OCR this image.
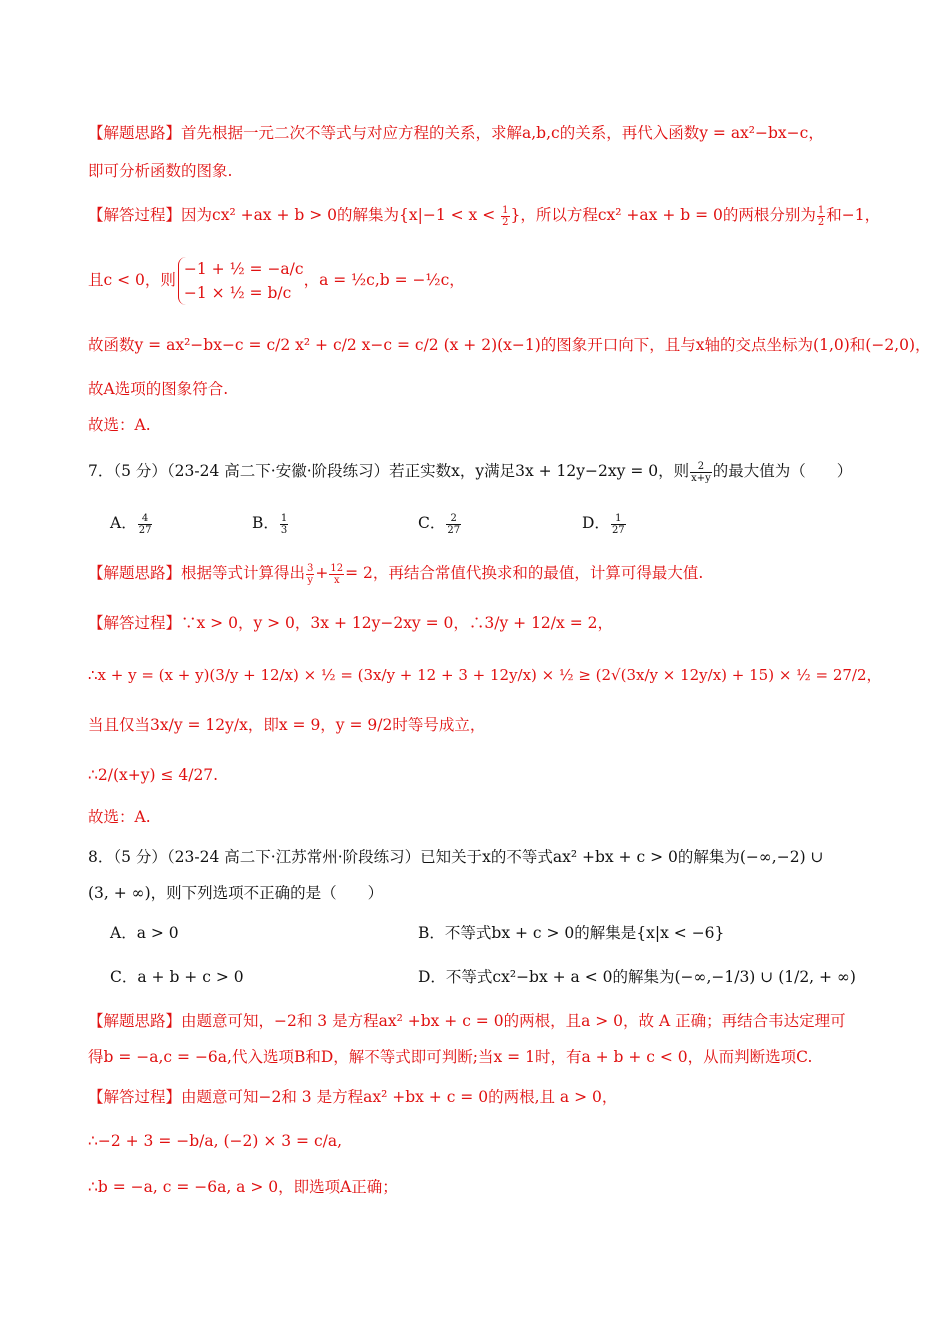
【解题思路】首先根据一元二次不等式与对应方程的关系，求解a,b,c的关系，再代入函数y = ax²−bx−c，
即可分析函数的图象.
【解答过程】因为cx² +ax + b > 0的解集为{$x|-1 < x < \frac{1}{2}$ }，所以方程cx² +ax + b = 0的两根分别为 $\frac{1}{2}$ 和−1，
且c < 0，则
−1 + ½ = −a/c
−1 × ½ = b/c
，a = ½c,b = −½c，
故函数y = ax²−bx−c = c/2 x² + c/2 x−c = c/2 (x + 2)(x−1)的图象开口向下，且与x轴的交点坐标为(1,0)和(−2,0)，
故A选项的图象符合.
故选：A.
7．（5 分）（23-24 高二下·安徽·阶段练习）若正实数x，y满足3x + 12y−2xy = 0，则 $\frac{2}{x+y}$ 的最大值为（　　）
A． $\frac{4}{27}$	B． $\frac{1}{3}$	C． $\frac{2}{27}$	D． $\frac{1}{27}$
【解题思路】根据等式计算得出 $\frac{3}{y} + \frac{12}{x} = 2$，再结合常值代换求和的最值，计算可得最大值.
【解答过程】∵x > 0，y > 0，3x + 12y−2xy = 0，∴3/y + 12/x = 2，
∴x + y = (x + y)(3/y + 12/x) × ½ = (3x/y + 12 + 3 + 12y/x) × ½ ≥ (2√(3x/y × 12y/x) + 15) × ½ = 27/2，
当且仅当3x/y = 12y/x，即x = 9，y = 9/2时等号成立，
∴2/(x+y) ≤ 4/27.
故选：A.
8．（5 分）（23-24 高二下·江苏常州·阶段练习）已知关于x的不等式ax² +bx + c > 0的解集为(−∞,−2) ∪
(3, + ∞)，则下列选项不正确的是（　　）
A．a > 0	B．不等式bx + c > 0的解集是{x|x < −6}
C．a + b + c > 0	D．不等式cx²−bx + a < 0的解集为(−∞,−1/3) ∪ (1/2, + ∞)
【解题思路】由题意可知，−2和 3 是方程ax² +bx + c = 0的两根，且a > 0，故 A 正确；再结合韦达定理可
得b = −a,c = −6a,代入选项B和D，解不等式即可判断;当x = 1时，有a + b + c < 0，从而判断选项C.
【解答过程】由题意可知−2和 3 是方程ax² +bx + c = 0的两根,且 a > 0，
∴−2 + 3 = −b/a, (−2) × 3 = c/a,
∴b = −a, c = −6a, a > 0，即选项A正确；
